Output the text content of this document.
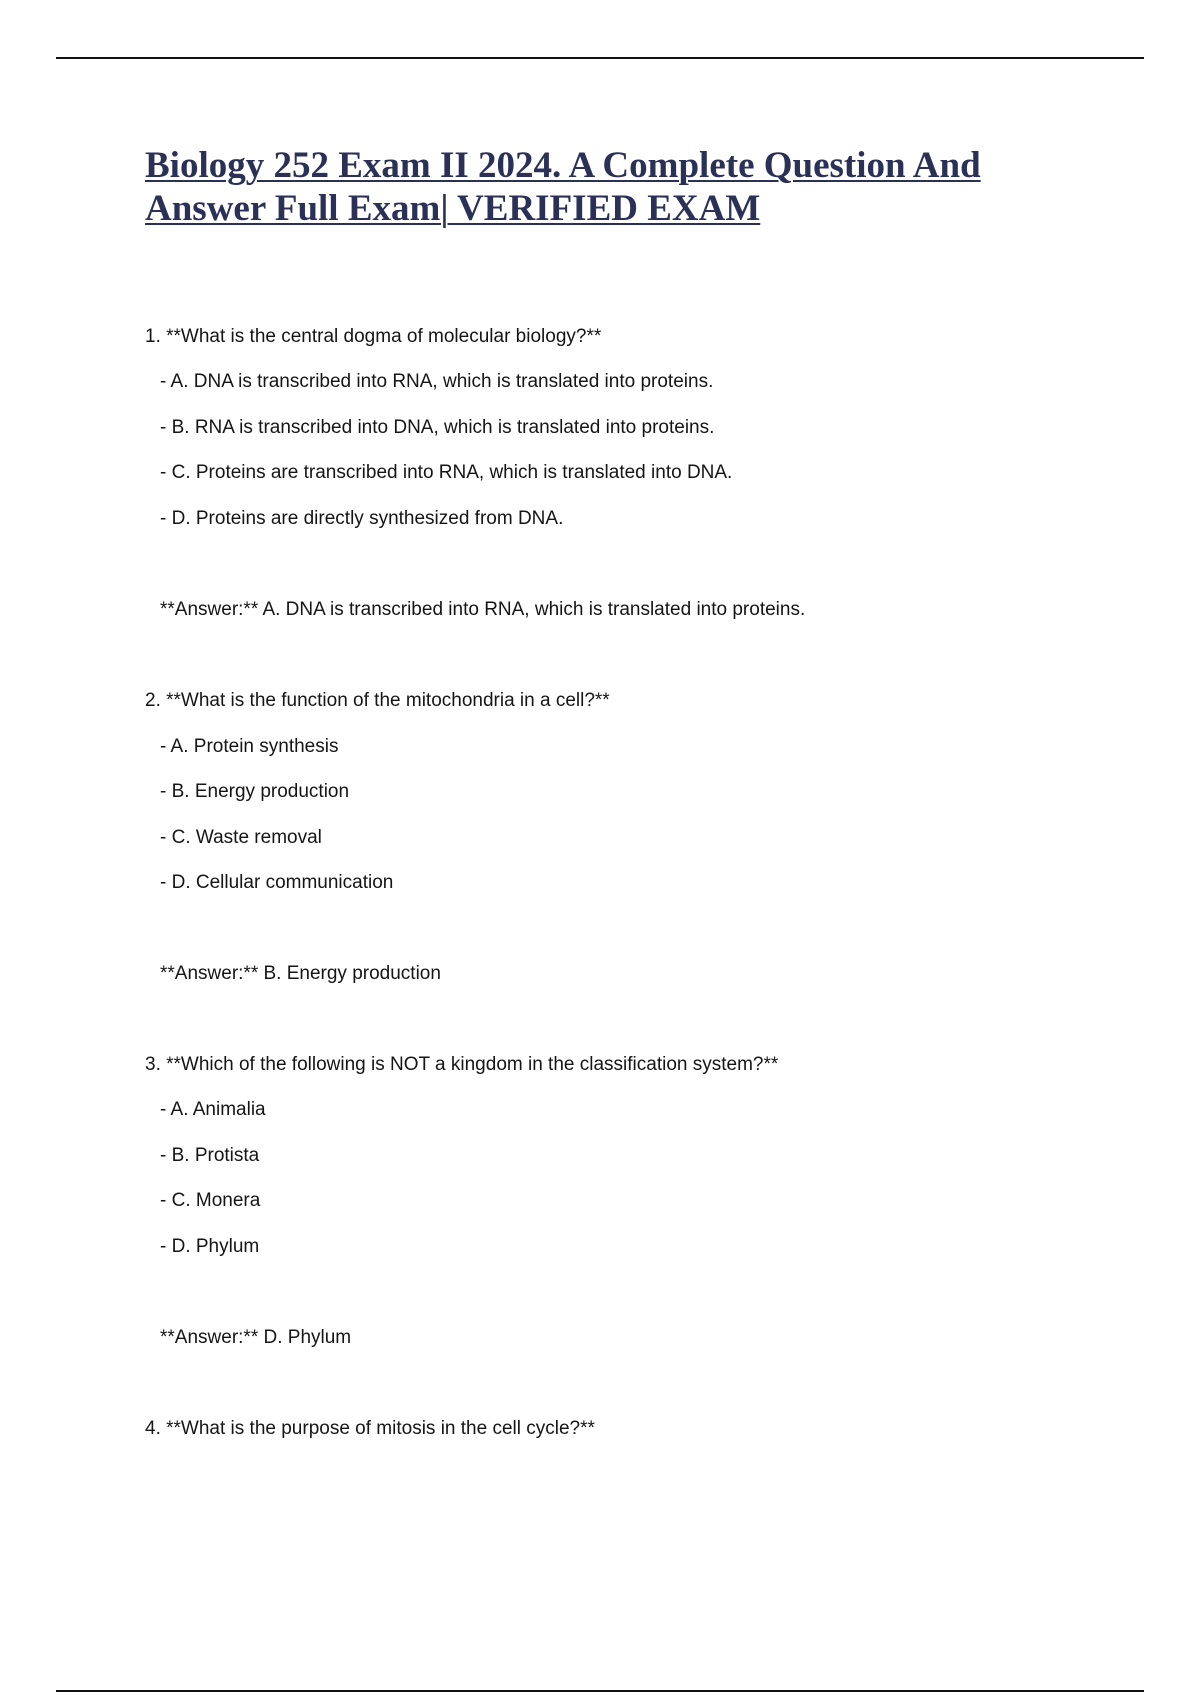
Biology 252 Exam II 2024. A Complete Question And
Answer Full Exam| VERIFIED EXAM
1. **What is the central dogma of molecular biology?**
- A. DNA is transcribed into RNA, which is translated into proteins.
- B. RNA is transcribed into DNA, which is translated into proteins.
- C. Proteins are transcribed into RNA, which is translated into DNA.
- D. Proteins are directly synthesized from DNA.
**Answer:** A. DNA is transcribed into RNA, which is translated into proteins.
2. **What is the function of the mitochondria in a cell?**
- A. Protein synthesis
- B. Energy production
- C. Waste removal
- D. Cellular communication
**Answer:** B. Energy production
3. **Which of the following is NOT a kingdom in the classification system?**
- A. Animalia
- B. Protista
- C. Monera
- D. Phylum
**Answer:** D. Phylum
4. **What is the purpose of mitosis in the cell cycle?**
